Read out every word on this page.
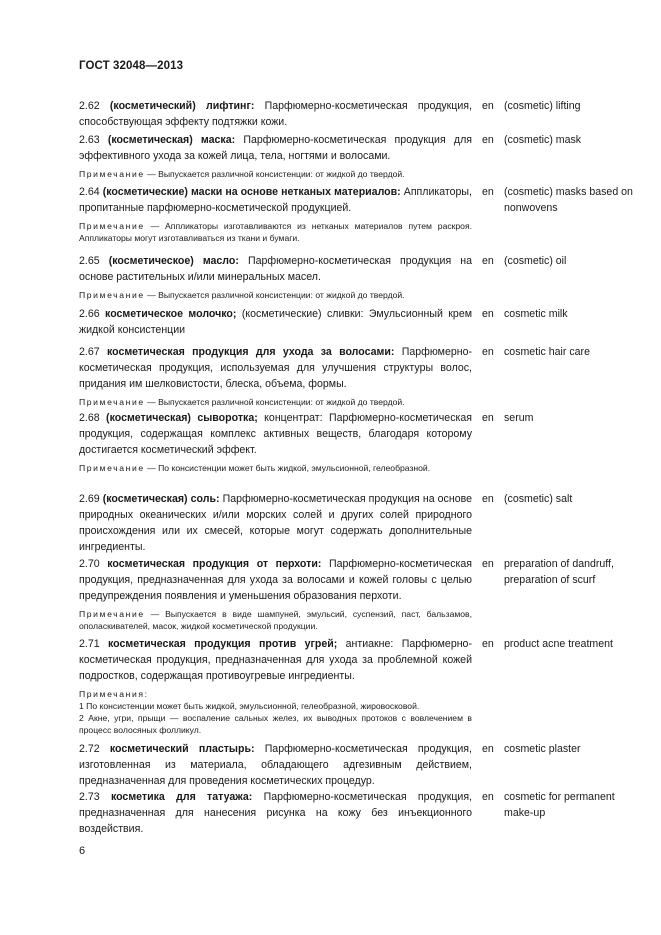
ГОСТ 32048—2013
2.62 (косметический) лифтинг: Парфюмерно-косметическая продукция, способствующая эффекту подтяжки кожи.
en (cosmetic) lifting
2.63 (косметическая) маска: Парфюмерно-косметическая продукция для эффективного ухода за кожей лица, тела, ногтями и волосами.
Примечание — Выпускается различной консистенции: от жидкой до твердой.
en (cosmetic) mask
2.64 (косметические) маски на основе нетканых материалов: Аппликаторы, пропитанные парфюмерно-косметической продукцией.
Примечание — Аппликаторы изготавливаются из нетканых материалов путем раскроя. Аппликаторы могут изготавливаться из ткани и бумаги.
en (cosmetic) masks based on nonwovens
2.65 (косметическое) масло: Парфюмерно-косметическая продукция на основе растительных и/или минеральных масел.
Примечание — Выпускается различной консистенции: от жидкой до твердой.
en (cosmetic) oil
2.66 косметическое молочко; (косметические) сливки: Эмульсионный крем жидкой консистенции
en cosmetic milk
2.67 косметическая продукция для ухода за волосами: Парфюмерно-косметическая продукция, используемая для улучшения структуры волос, придания им шелковистости, блеска, объема, формы.
Примечание — Выпускается различной консистенции: от жидкой до твердой.
en cosmetic hair care
2.68 (косметическая) сыворотка; концентрат: Парфюмерно-косметическая продукция, содержащая комплекс активных веществ, благодаря которому достигается косметический эффект.
Примечание — По консистенции может быть жидкой, эмульсионной, гелеобразной.
en serum
2.69 (косметическая) соль: Парфюмерно-косметическая продукция на основе природных океанических и/или морских солей и других солей природного происхождения или их смесей, которые могут содержать дополнительные ингредиенты.
en (cosmetic) salt
2.70 косметическая продукция от перхоти: Парфюмерно-косметическая продукция, предназначенная для ухода за волосами и кожей головы с целью предупреждения появления и уменьшения образования перхоти.
Примечание — Выпускается в виде шампуней, эмульсий, суспензий, паст, бальзамов, ополаскивателей, масок, жидкой косметической продукции.
en preparation of dandruff, preparation of scurf
2.71 косметическая продукция против угрей; антиакне: Парфюмерно-косметическая продукция, предназначенная для ухода за проблемной кожей подростков, содержащая противоугревые ингредиенты.
Примечания:
1 По консистенции может быть жидкой, эмульсионной, гелеобразной, жировосковой.
2 Акне, угри, прыщи — воспаление сальных желез, их выводных протоков с вовлечением в процесс волосяных фолликул.
en product acne treatment
2.72 косметический пластырь: Парфюмерно-косметическая продукция, изготовленная из материала, обладающего адгезивным действием, предназначенная для проведения косметических процедур.
en cosmetic plaster
2.73 косметика для татуажа: Парфюмерно-косметическая продукция, предназначенная для нанесения рисунка на кожу без инъекционного воздействия.
en cosmetic for permanent make-up
6
